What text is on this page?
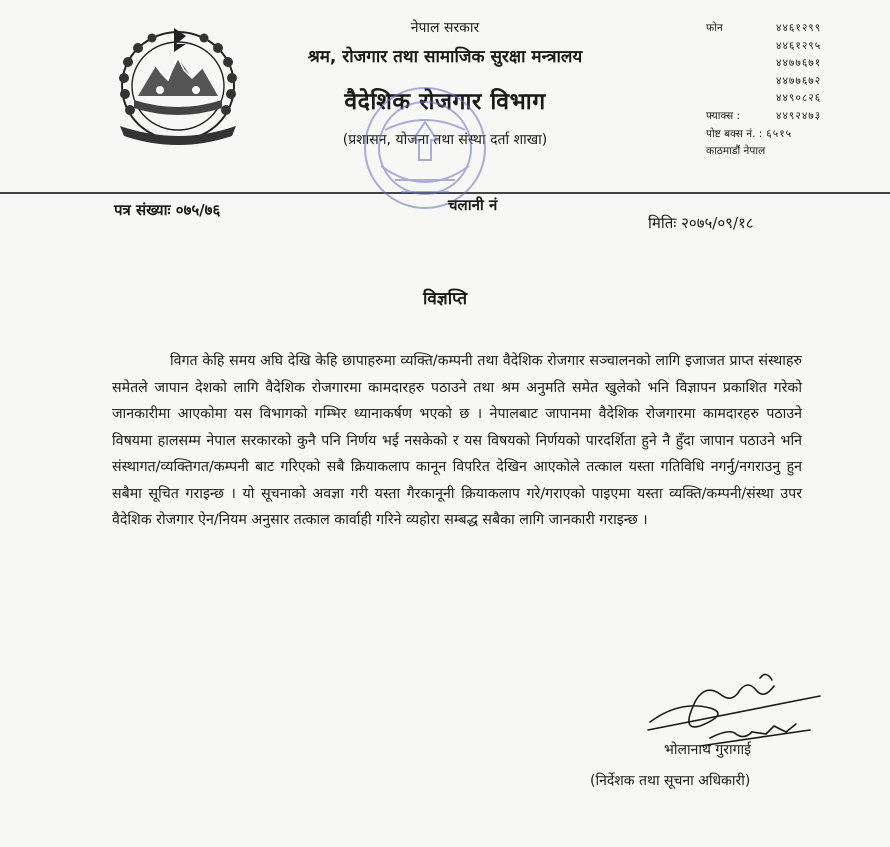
नेपाल सरकार
श्रम, रोजगार तथा सामाजिक सुरक्षा मन्त्रालय
वैदेशिक रोजगार विभाग
(प्रशासन, योजना तथा संस्था दर्ता शाखा)
फोन	४४६१२९९
४४६१२९५
४४७७६७१
४४७७६७२
४४९०८२६
फ्याक्स :	४४९२४७३
पोष्ट बक्स नं. : ६५१५
काठमाडौं नेपाल
पत्र संख्याः ०७५/७६	चलानी नं
मितिः २०७५/०९/१८
विज्ञप्ति

विगत केहि समय अघि देखि केहि छापाहरुमा व्यक्ति/कम्पनी तथा वैदेशिक रोजगार सञ्चालनको लागि इजाजत प्राप्त संस्थाहरु समेतले जापान देशको लागि वैदेशिक रोजगारमा कामदारहरु पठाउने तथा श्रम अनुमति समेत खुलेको भनि विज्ञापन प्रकाशित गरेको जानकारीमा आएकोमा यस विभागको गम्भिर ध्यानाकर्षण भएको छ । नेपालबाट जापानमा वैदेशिक रोजगारमा कामदारहरु पठाउने विषयमा हालसम्म नेपाल सरकारको कुनै पनि निर्णय भई नसकेको र यस विषयको निर्णयको पारदर्शिता हुने नै हुँदा जापान पठाउने भनि संस्थागत/व्यक्तिगत/कम्पनी बाट गरिएको सबै क्रियाकलाप कानून विपरित देखिन आएकोले तत्काल यस्ता गतिविधि नगर्नु/नगराउनु हुन सबैमा सूचित गराइन्छ । यो सूचनाको अवज्ञा गरी यस्ता गैरकानूनी क्रियाकलाप गरे/गराएको पाइएमा यस्ता व्यक्ति/कम्पनी/संस्था उपर वैदेशिक रोजगार ऐन/नियम अनुसार तत्काल कार्वाही गरिने व्यहोरा सम्बद्ध सबैका लागि जानकारी गराइन्छ ।

भोलानाथ गुरागाई
(निर्देशक तथा सूचना अधिकारी)
